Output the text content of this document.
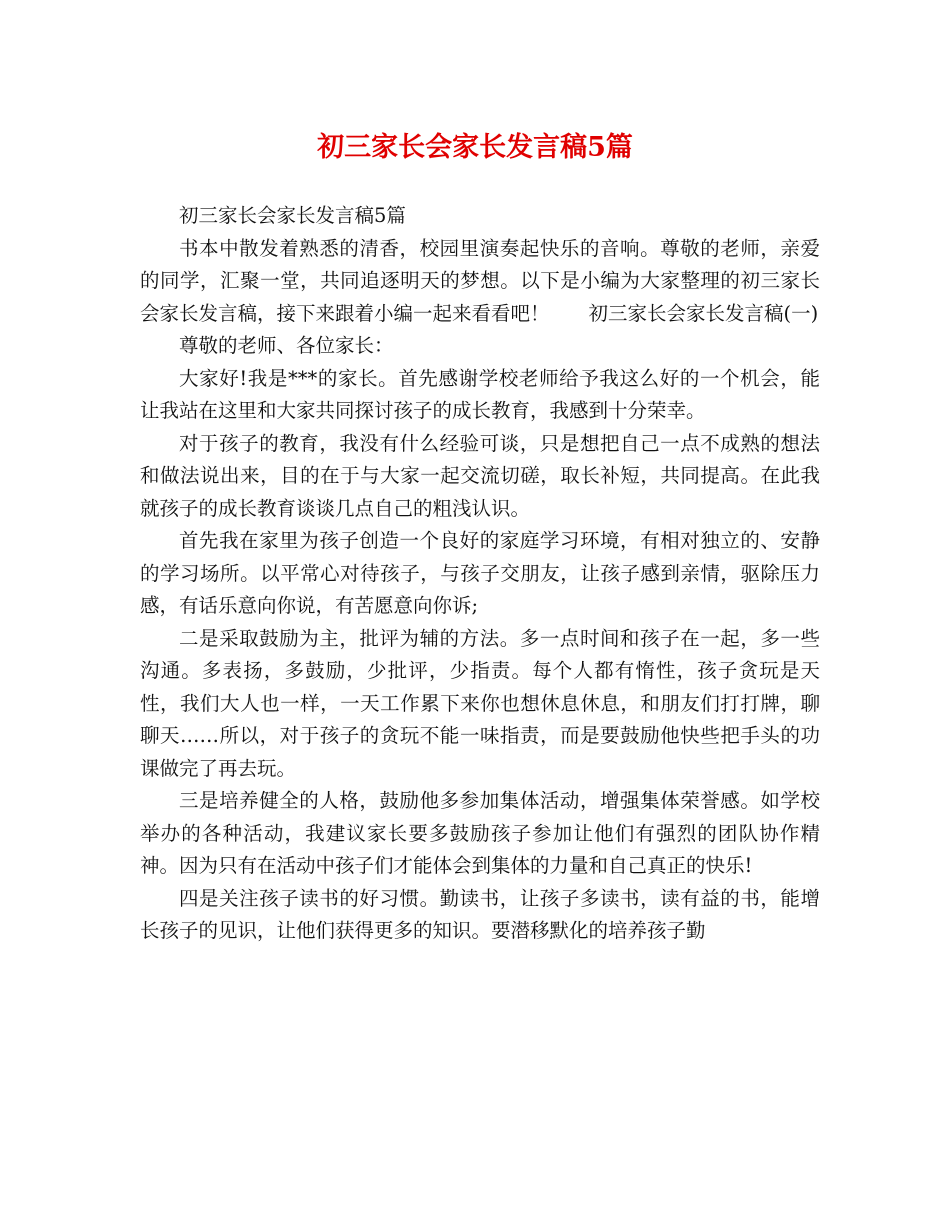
初三家长会家长发言稿5篇

初三家长会家长发言稿5篇

书本中散发着熟悉的清香，校园里演奏起快乐的音响。尊敬的老师，亲爱的同学，汇聚一堂，共同追逐明天的梦想。以下是小编为大家整理的初三家长会家长发言稿，接下来跟着小编一起来看看吧！　　初三家长会家长发言稿(一)

尊敬的老师、各位家长：

大家好!我是***的家长。首先感谢学校老师给予我这么好的一个机会，能让我站在这里和大家共同探讨孩子的成长教育，我感到十分荣幸。

对于孩子的教育，我没有什么经验可谈，只是想把自己一点不成熟的想法和做法说出来，目的在于与大家一起交流切磋，取长补短，共同提高。在此我就孩子的成长教育谈谈几点自己的粗浅认识。

首先我在家里为孩子创造一个良好的家庭学习环境，有相对独立的、安静的学习场所。以平常心对待孩子，与孩子交朋友，让孩子感到亲情，驱除压力感，有话乐意向你说，有苦愿意向你诉;

二是采取鼓励为主，批评为辅的方法。多一点时间和孩子在一起，多一些沟通。多表扬，多鼓励，少批评，少指责。每个人都有惰性，孩子贪玩是天性，我们大人也一样，一天工作累下来你也想休息休息，和朋友们打打牌，聊聊天……所以，对于孩子的贪玩不能一味指责，而是要鼓励他快些把手头的功课做完了再去玩。

三是培养健全的人格，鼓励他多参加集体活动，增强集体荣誉感。如学校举办的各种活动，我建议家长要多鼓励孩子参加让他们有强烈的团队协作精神。因为只有在活动中孩子们才能体会到集体的力量和自己真正的快乐!

四是关注孩子读书的好习惯。勤读书，让孩子多读书，读有益的书，能增长孩子的见识，让他们获得更多的知识。要潜移默化的培养孩子勤
